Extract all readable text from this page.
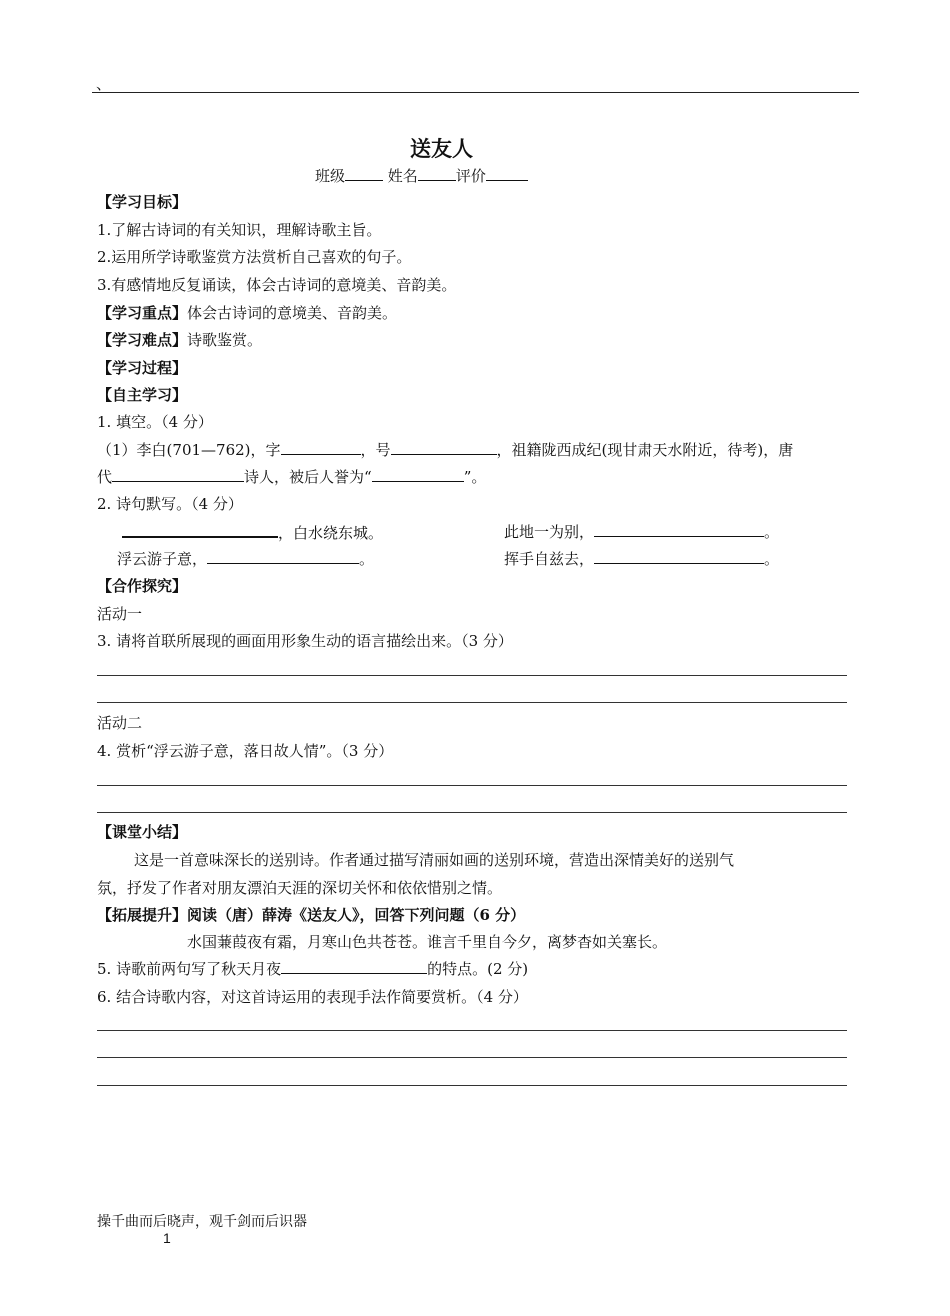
、
送友人
班级	姓名	评价
【学习目标】
1.了解古诗词的有关知识，理解诗歌主旨。
2.运用所学诗歌鉴赏方法赏析自己喜欢的句子。
3.有感情地反复诵读，体会古诗词的意境美、音韵美。
【学习重点】体会古诗词的意境美、音韵美。
【学习难点】诗歌鉴赏。
【学习过程】
【自主学习】
1. 填空。（4 分）
（1）李白(701—762)，字	，号	，祖籍陇西成纪(现甘肃天水附近，待考)，唐
代	诗人，被后人誉为“	”。
2. 诗句默写。（4 分）
，白水绕东城。	此地一为别，	。
浮云游子意，	。	挥手自兹去，	。
【合作探究】
活动一
3. 请将首联所展现的画面用形象生动的语言描绘出来。（3 分）
活动二
4. 赏析“浮云游子意，落日故人情”。（3 分）
【课堂小结】
这是一首意味深长的送别诗。作者通过描写清丽如画的送别环境，营造出深情美好的送别气
氛，抒发了作者对朋友漂泊天涯的深切关怀和依依惜别之情。
【拓展提升】阅读（唐）薛涛《送友人》，回答下列问题（6 分）
水国蒹葭夜有霜，月寒山色共苍苍。谁言千里自今夕，离梦杳如关塞长。
5. 诗歌前两句写了秋天月夜	的特点。(2 分)
6. 结合诗歌内容，对这首诗运用的表现手法作简要赏析。（4 分）
操千曲而后晓声，观千剑而后识器
1
